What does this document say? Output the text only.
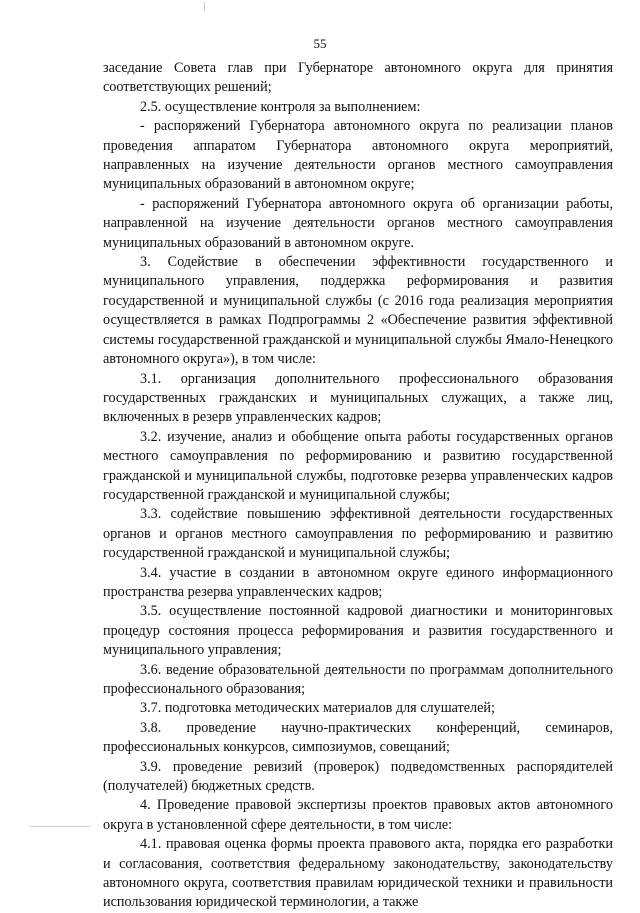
55

заседание Совета глав при Губернаторе автономного округа для принятия соответствующих решений;

2.5. осуществление контроля за выполнением:

- распоряжений Губернатора автономного округа по реализации планов проведения аппаратом Губернатора автономного округа мероприятий, направленных на изучение деятельности органов местного самоуправления муниципальных образований в автономном округе;

- распоряжений Губернатора автономного округа об организации работы, направленной на изучение деятельности органов местного самоуправления муниципальных образований в автономном округе.

3. Содействие в обеспечении эффективности государственного и муниципального управления, поддержка реформирования и развития государственной и муниципальной службы (с 2016 года реализация мероприятия осуществляется в рамках Подпрограммы 2 «Обеспечение развития эффективной системы государственной гражданской и муниципальной службы Ямало-Ненецкого автономного округа»), в том числе:

3.1. организация дополнительного профессионального образования государственных гражданских и муниципальных служащих, а также лиц, включенных в резерв управленческих кадров;

3.2. изучение, анализ и обобщение опыта работы государственных органов местного самоуправления по реформированию и развитию государственной гражданской и муниципальной службы, подготовке резерва управленческих кадров государственной гражданской и муниципальной службы;

3.3. содействие повышению эффективной деятельности государственных органов и органов местного самоуправления по реформированию и развитию государственной гражданской и муниципальной службы;

3.4. участие в создании в автономном округе единого информационного пространства резерва управленческих кадров;

3.5. осуществление постоянной кадровой диагностики и мониторинговых процедур состояния процесса реформирования и развития государственного и муниципального управления;

3.6. ведение образовательной деятельности по программам дополнительного профессионального образования;

3.7. подготовка методических материалов для слушателей;

3.8. проведение научно-практических конференций, семинаров, профессиональных конкурсов, симпозиумов, совещаний;

3.9. проведение ревизий (проверок) подведомственных распорядителей (получателей) бюджетных средств.

4. Проведение правовой экспертизы проектов правовых актов автономного округа в установленной сфере деятельности, в том числе:

4.1. правовая оценка формы проекта правового акта, порядка его разработки и согласования, соответствия федеральному законодательству, законодательству автономного округа, соответствия правилам юридической техники и правильности использования юридической терминологии, а также
